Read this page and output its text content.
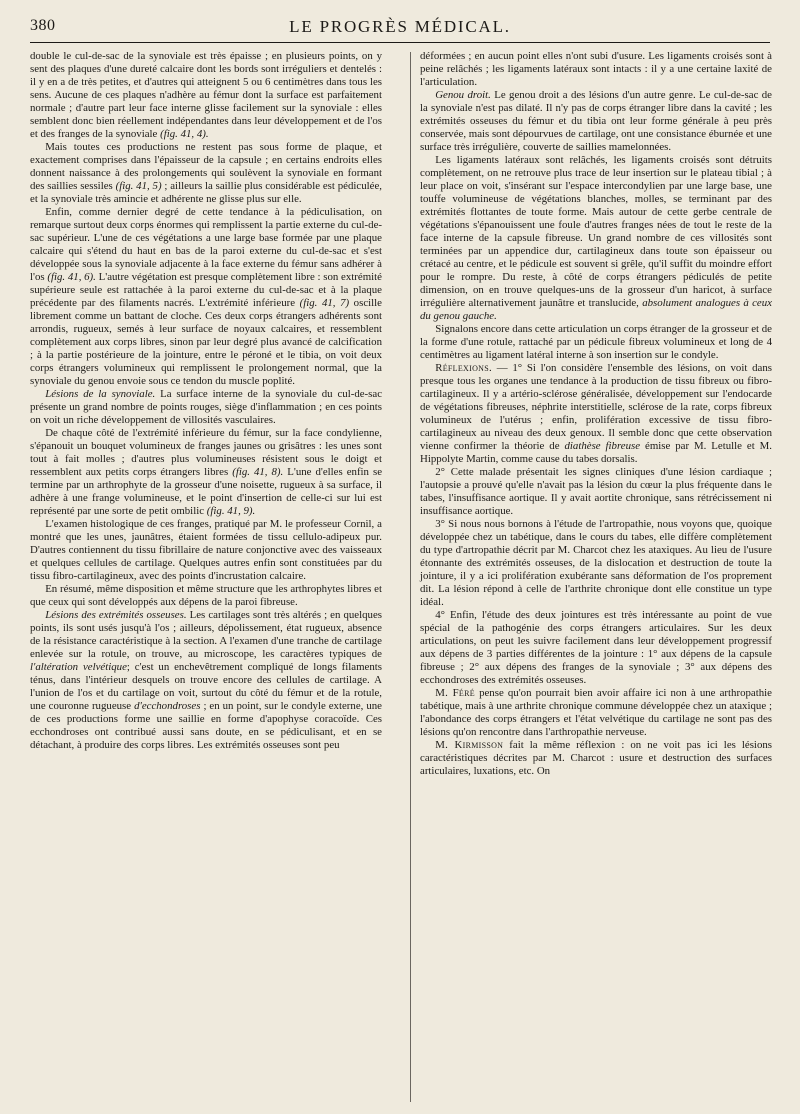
380	LE PROGRÈS MÉDICAL.

double le cul-de-sac de la synoviale est très épaisse ; en plusieurs points, on y sent des plaques d'une dureté calcaire dont les bords sont irréguliers et dentelés : il y en a de très petites, et d'autres qui atteignent 5 ou 6 centimètres dans tous les sens. Aucune de ces plaques n'adhère au fémur dont la surface est parfaitement normale ; d'autre part leur face interne glisse facilement sur la synoviale : elles semblent donc bien réellement indépendantes dans leur développement et de l'os et des franges de la synoviale (fig. 41, 4).

Mais toutes ces productions ne restent pas sous forme de plaque, et exactement comprises dans l'épaisseur de la capsule ; en certains endroits elles donnent naissance à des prolongements qui soulèvent la synoviale en formant des saillies sessiles (fig. 41, 5) ; ailleurs la saillie plus considérable est pédiculée, et la synoviale très amincie et adhérente ne glisse plus sur elle.

Enfin, comme dernier degré de cette tendance à la pédiculisation, on remarque surtout deux corps énormes qui remplissent la partie externe du cul-de-sac supérieur. L'une de ces végétations a une large base formée par une plaque calcaire qui s'étend du haut en bas de la paroi externe du cul-de-sac et s'est développée sous la synoviale adjacente à la face externe du fémur sans adhérer à l'os (fig. 41, 6). L'autre végétation est presque complètement libre : son extrémité supérieure seule est rattachée à la paroi externe du cul-de-sac et à la plaque précédente par des filaments nacrés. L'extrémité inférieure (fig. 41, 7) oscille librement comme un battant de cloche. Ces deux corps étrangers adhérents sont arrondis, rugueux, semés à leur surface de noyaux calcaires, et ressemblent complètement aux corps libres, sinon par leur degré plus avancé de calcification ; à la partie postérieure de la jointure, entre le péroné et le tibia, on voit deux corps étrangers volumineux qui remplissent le prolongement normal, que la synoviale du genou envoie sous ce tendon du muscle poplité.

Lésions de la synoviale. La surface interne de la synoviale du cul-de-sac présente un grand nombre de points rouges, siège d'inflammation ; en ces points on voit un riche développement de villosités vasculaires.

De chaque côté de l'extrémité inférieure du fémur, sur la face condylienne, s'épanouit un bouquet volumineux de franges jaunes ou grisâtres : les unes sont tout à fait molles ; d'autres plus volumineuses résistent sous le doigt et ressemblent aux petits corps étrangers libres (fig. 41, 8). L'une d'elles enfin se termine par un arthrophyte de la grosseur d'une noisette, rugueux à sa surface, il adhère à une frange volumineuse, et le point d'insertion de celle-ci sur lui est représenté par une sorte de petit ombilic (fig. 41, 9).

L'examen histologique de ces franges, pratiqué par M. le professeur Cornil, a montré que les unes, jaunâtres, étaient formées de tissu cellulo-adipeux pur. D'autres contiennent du tissu fibrillaire de nature conjonctive avec des vaisseaux et quelques cellules de cartilage. Quelques autres enfin sont constituées par du tissu fibro-cartilagineux, avec des points d'incrustation calcaire.

En résumé, même disposition et même structure que les arthrophytes libres et que ceux qui sont développés aux dépens de la paroi fibreuse.

Lésions des extrémités osseuses. Les cartilages sont très altérés ; en quelques points, ils sont usés jusqu'à l'os ; ailleurs, dépolissement, état rugueux, absence de la résistance caractéristique à la section. A l'examen d'une tranche de cartilage enlevée sur la rotule, on trouve, au microscope, les caractères typiques de l'altération velvétique; c'est un enchevêtrement compliqué de longs filaments ténus, dans l'intérieur desquels on trouve encore des cellules de cartilage. A l'union de l'os et du cartilage on voit, surtout du côté du fémur et de la rotule, une couronne rugueuse d'ecchondroses ; en un point, sur le condyle externe, une de ces productions forme une saillie en forme d'apophyse coracoïde. Ces ecchondroses ont contribué aussi sans doute, en se pédiculisant, et en se détachant, à produire des corps libres. Les extrémités osseuses sont peu

déformées ; en aucun point elles n'ont subi d'usure. Les ligaments croisés sont à peine relâchés ; les ligaments latéraux sont intacts : il y a une certaine laxité de l'articulation.

Genou droit. Le genou droit a des lésions d'un autre genre. Le cul-de-sac de la synoviale n'est pas dilaté. Il n'y pas de corps étranger libre dans la cavité ; les extrémités osseuses du fémur et du tibia ont leur forme générale à peu près conservée, mais sont dépourvues de cartilage, ont une consistance éburnée et une surface très irrégulière, couverte de saillies mamelonnées.

Les ligaments latéraux sont relâchés, les ligaments croisés sont détruits complètement, on ne retrouve plus trace de leur insertion sur le plateau tibial ; à leur place on voit, s'insérant sur l'espace intercondylien par une large base, une touffe volumineuse de végétations blanches, molles, se terminant par des extrémités flottantes de toute forme. Mais autour de cette gerbe centrale de végétations s'épanouissent une foule d'autres franges nées de tout le reste de la face interne de la capsule fibreuse. Un grand nombre de ces villosités sont terminées par un appendice dur, cartilagineux dans toute son épaisseur ou crétacé au centre, et le pédicule est souvent si grêle, qu'il suffit du moindre effort pour le rompre. Du reste, à côté de corps étrangers pédiculés de petite dimension, on en trouve quelques-uns de la grosseur d'un haricot, à surface irrégulière alternativement jaunâtre et translucide, absolument analogues à ceux du genou gauche.

Signalons encore dans cette articulation un corps étranger de la grosseur et de la forme d'une rotule, rattaché par un pédicule fibreux volumineux et long de 4 centimètres au ligament latéral interne à son insertion sur le condyle.

Réflexions. — 1° Si l'on considère l'ensemble des lésions, on voit dans presque tous les organes une tendance à la production de tissu fibreux ou fibro-cartilagineux. Il y a artério-sclérose généralisée, développement sur l'endocarde de végétations fibreuses, néphrite interstitielle, sclérose de la rate, corps fibreux volumineux de l'utérus ; enfin, prolifération excessive de tissu fibro-cartilagineux au niveau des deux genoux. Il semble donc que cette observation vienne confirmer la théorie de diathèse fibreuse émise par M. Letulle et M. Hippolyte Martin, comme cause du tabes dorsalis.

2° Cette malade présentait les signes cliniques d'une lésion cardiaque ; l'autopsie a prouvé qu'elle n'avait pas la lésion du cœur la plus fréquente dans le tabes, l'insuffisance aortique. Il y avait aortite chronique, sans rétrécissement ni insuffisance aortique.

3° Si nous nous bornons à l'étude de l'artropathie, nous voyons que, quoique développée chez un tabétique, dans le cours du tabes, elle diffère complètement du type d'artropathie décrit par M. Charcot chez les ataxiques. Au lieu de l'usure étonnante des extrémités osseuses, de la dislocation et destruction de toute la jointure, il y a ici prolifération exubérante sans déformation de l'os proprement dit. La lésion répond à celle de l'arthrite chronique dont elle constitue un type idéal.

4° Enfin, l'étude des deux jointures est très intéressante au point de vue spécial de la pathogénie des corps étrangers articulaires. Sur les deux articulations, on peut les suivre facilement dans leur développement progressif aux dépens de 3 parties différentes de la jointure : 1° aux dépens de la capsule fibreuse ; 2° aux dépens des franges de la synoviale ; 3° aux dépens des ecchondroses des extrémités osseuses.

M. Féré pense qu'on pourrait bien avoir affaire ici non à une arthropathie tabétique, mais à une arthrite chronique commune développée chez un ataxique ; l'abondance des corps étrangers et l'état velvétique du cartilage ne sont pas des lésions qu'on rencontre dans l'arthropathie nerveuse.

M. Kirmisson fait la même réflexion : on ne voit pas ici les lésions caractéristiques décrites par M. Charcot : usure et destruction des surfaces articulaires, luxations, etc. On
